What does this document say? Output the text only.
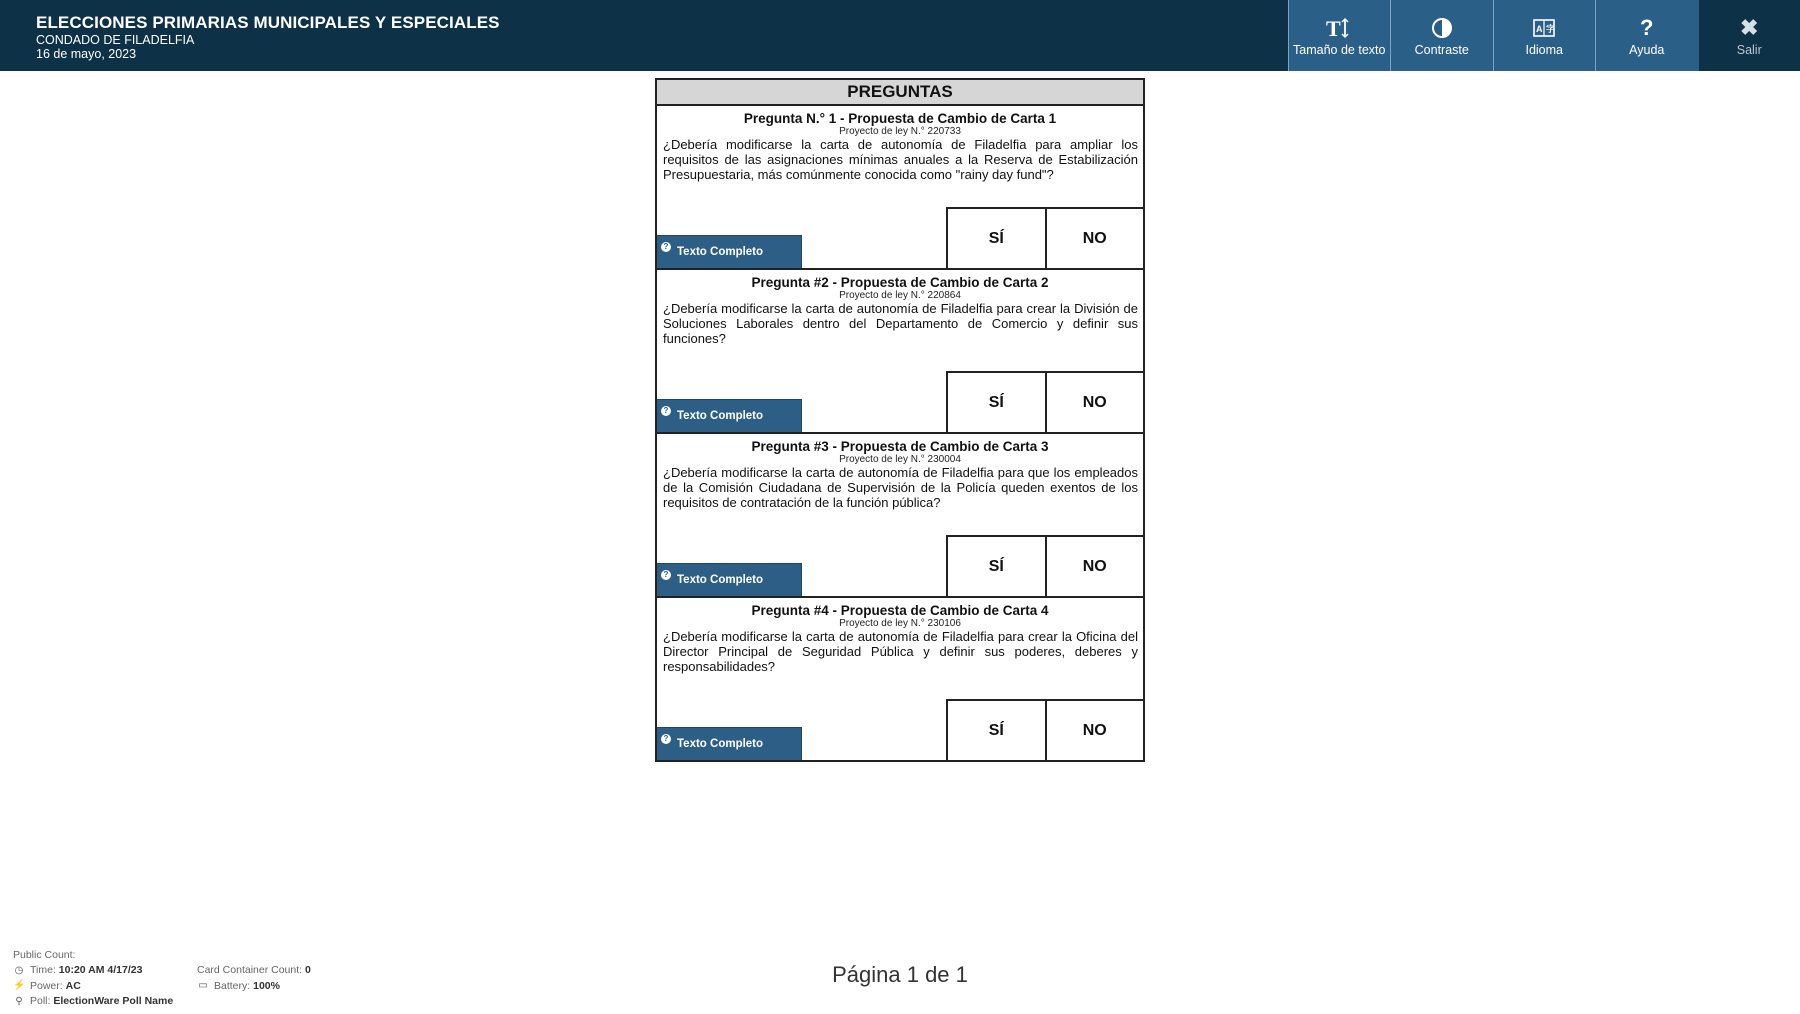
ELECCIONES PRIMARIAS MUNICIPALES Y ESPECIALES
CONDADO DE FILADELFIA
16 de mayo, 2023
T
Tamaño de texto Contraste
A 字
Idioma
?
Ayuda
✖
Salir
PREGUNTAS
Pregunta N.° 1 - Propuesta de Cambio de Carta 1
Proyecto de ley N.° 220733
¿Debería modificarse la carta de autonomía de Filadelfia para ampliar los requisitos de las asignaciones mínimas anuales a la Reserva de Estabilización Presupuestaria, más comúnmente conocida como "rainy day fund"?
? Texto Completo
SÍ	NO
Pregunta #2 - Propuesta de Cambio de Carta 2
Proyecto de ley N.° 220864
¿Debería modificarse la carta de autonomía de Filadelfia para crear la División de Soluciones Laborales dentro del Departamento de Comercio y definir sus funciones?
? Texto Completo
SÍ	NO
Pregunta #3 - Propuesta de Cambio de Carta 3
Proyecto de ley N.° 230004
¿Debería modificarse la carta de autonomía de Filadelfia para que los empleados de la Comisión Ciudadana de Supervisión de la Policía queden exentos de los requisitos de contratación de la función pública?
? Texto Completo
SÍ	NO
Pregunta #4 - Propuesta de Cambio de Carta 4
Proyecto de ley N.° 230106
¿Debería modificarse la carta de autonomía de Filadelfia para crear la Oficina del Director Principal de Seguridad Pública y definir sus poderes, deberes y responsabilidades?
? Texto Completo
SÍ	NO
Página 1 de 1
Public Count:
◷ Time:
10:20 AM 4/17/23	Card Container Count:
0
⚡ Power:
AC	▭ Battery:
100%
⚲ Poll:
ElectionWare Poll Name
